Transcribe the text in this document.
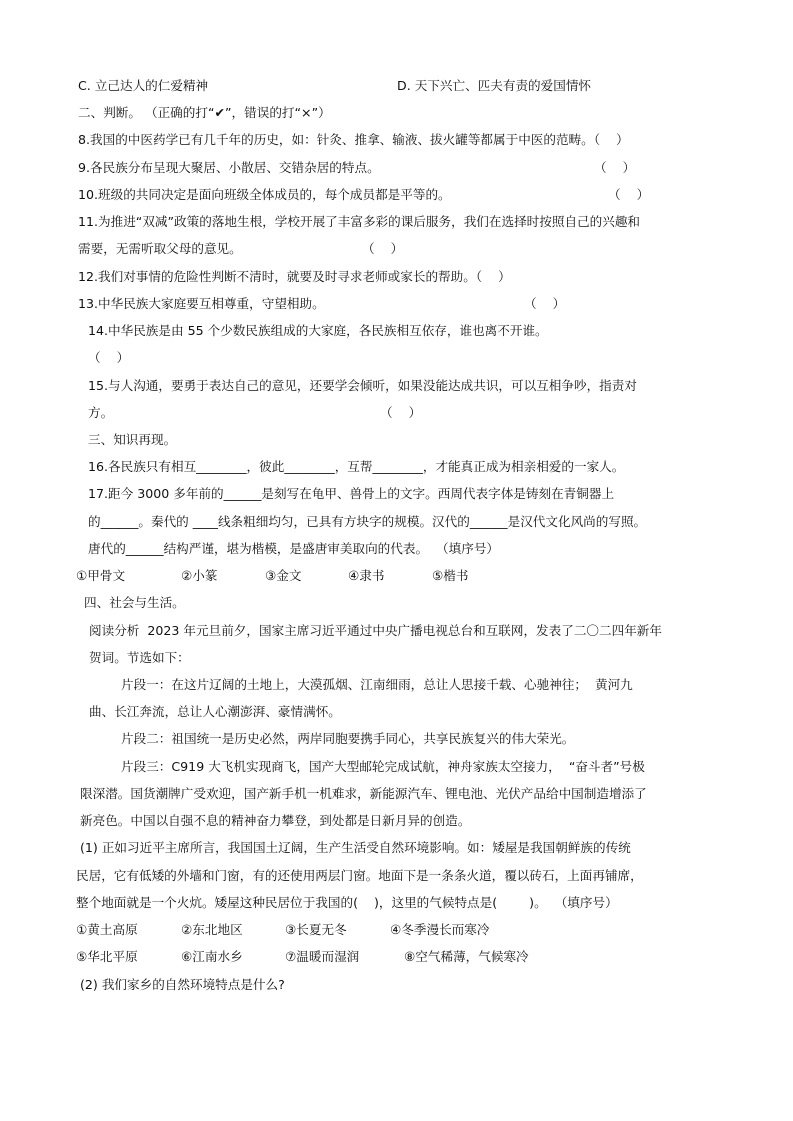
C. 立己达人的仁爱精神	D. 天下兴亡、匹夫有责的爱国情怀
二、判断。 （正确的打“✔”，错误的打“×”）
8.我国的中医药学已有几千年的历史，如：针灸、推拿、输液、拔火罐等都属于中医的范畴。（    ）
9.各民族分布呈现大聚居、小散居、交错杂居的特点。	（    ）
10.班级的共同决定是面向班级全体成员的，每个成员都是平等的。	（    ）
11.为推进“双减”政策的落地生根，学校开展了丰富多彩的课后服务，我们在选择时按照自己的兴趣和
需要，无需听取父母的意见。	（    ）
12.我们对事情的危险性判断不清时，就要及时寻求老师或家长的帮助。（    ）
13.中华民族大家庭要互相尊重，守望相助。	（    ）
14.中华民族是由 55 个少数民族组成的大家庭，各民族相互依存，谁也离不开谁。
（    ）
15.与人沟通，要勇于表达自己的意见，还要学会倾听，如果没能达成共识，可以互相争吵，指责对
方。	（    ）
三、知识再现。
16.各民族只有相互________，彼此________，互帮________，才能真正成为相亲相爱的一家人。
17.距今 3000 多年前的______是刻写在龟甲、兽骨上的文字。西周代表字体是铸刻在青铜器上
的______。秦代的 ____线条粗细均匀，已具有方块字的规模。汉代的______是汉代文化风尚的写照。
唐代的______结构严谨，堪为楷模，是盛唐审美取向的代表。  （填序号）
①甲骨文	②小篆	③金文	④隶书	⑤楷书
四、社会与生活。
阅读分析  2023 年元旦前夕，国家主席习近平通过中央广播电视总台和互联网，发表了二〇二四年新年
贺词。节选如下：
片段一：在这片辽阔的土地上，大漠孤烟、江南细雨，总让人思接千载、心驰神往；  黄河九
曲、长江奔流，总让人心潮澎湃、豪情满怀。
片段二：祖国统一是历史必然，两岸同胞要携手同心，共享民族复兴的伟大荣光。
片段三：C919 大飞机实现商飞，国产大型邮轮完成试航，神舟家族太空接力，  “奋斗者”号极
限深潜。国货潮牌广受欢迎，国产新手机一机难求，新能源汽车、锂电池、光伏产品给中国制造增添了
新亮色。中国以自强不息的精神奋力攀登，到处都是日新月异的创造。
(1) 正如习近平主席所言，我国国土辽阔，生产生活受自然环境影响。如：矮屋是我国朝鲜族的传统
民居，它有低矮的外墙和门窗，有的还使用两层门窗。地面下是一条条火道，覆以砖石，上面再铺席，
整个地面就是一个火炕。矮屋这种民居位于我国的(    )，这里的气候特点是(        )。  （填序号）
①黄土高原	②东北地区	③长夏无冬	④冬季漫长而寒冷
⑤华北平原	⑥江南水乡	⑦温暖而湿润	⑧空气稀薄，气候寒冷
(2) 我们家乡的自然环境特点是什么?
